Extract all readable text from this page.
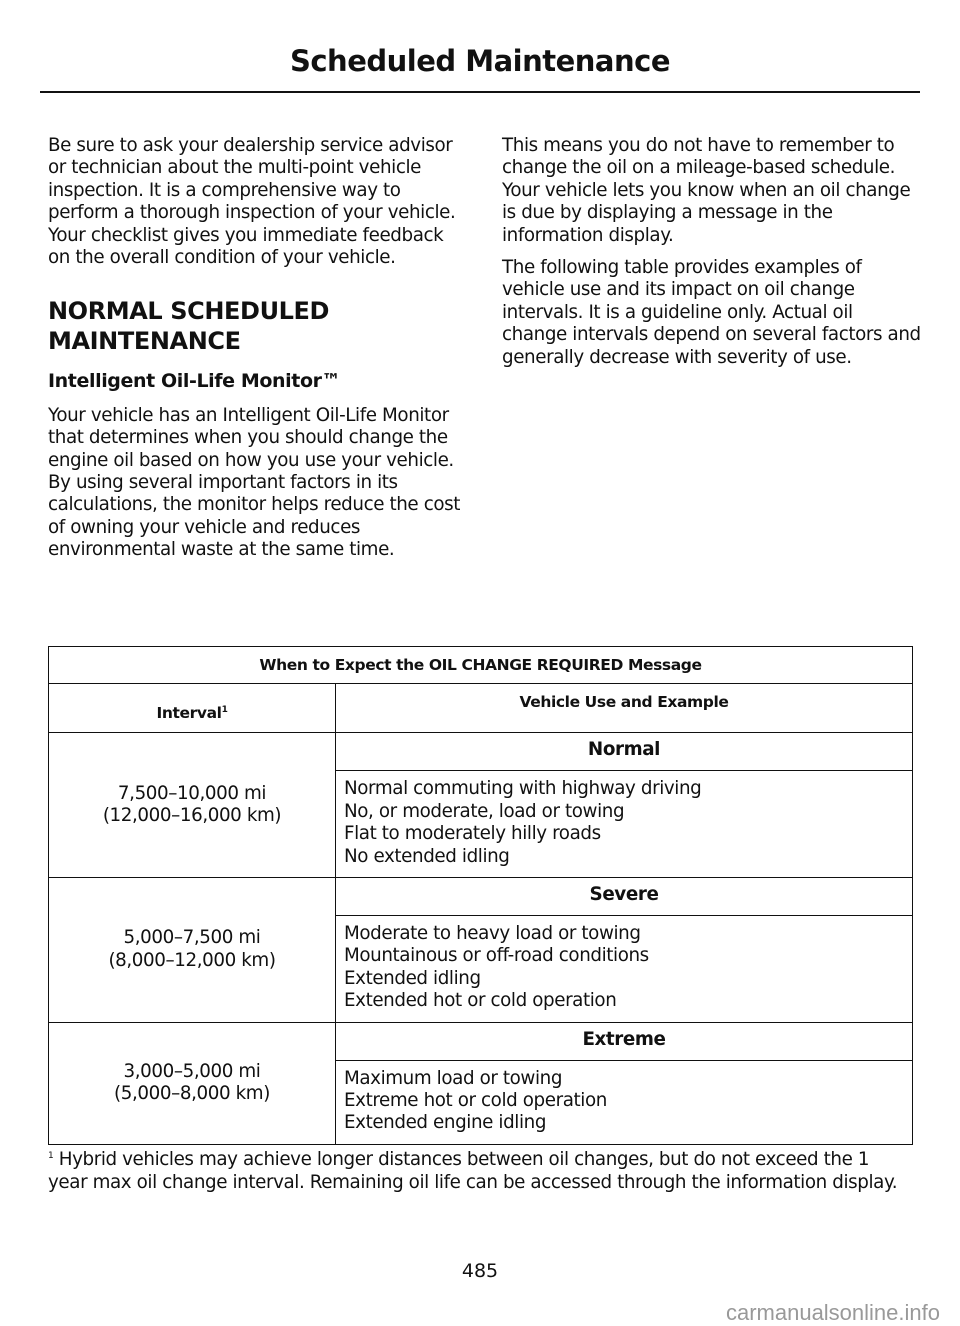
Scheduled Maintenance

Be sure to ask your dealership service advisor or technician about the multi-point vehicle inspection. It is a comprehensive way to perform a thorough inspection of your vehicle. Your checklist gives you immediate feedback on the overall condition of your vehicle.

NORMAL SCHEDULED MAINTENANCE
Intelligent Oil-Life Monitor™

Your vehicle has an Intelligent Oil-Life Monitor that determines when you should change the engine oil based on how you use your vehicle. By using several important factors in its calculations, the monitor helps reduce the cost of owning your vehicle and reduces environmental waste at the same time.

This means you do not have to remember to change the oil on a mileage-based schedule. Your vehicle lets you know when an oil change is due by displaying a message in the information display.

The following table provides examples of vehicle use and its impact on oil change intervals. It is a guideline only. Actual oil change intervals depend on several factors and generally decrease with severity of use.

When to Expect the OIL CHANGE REQUIRED Message	
Interval$^1$	Vehicle Use and Example

7,500–10,000 mi
(12,000–16,000 km)	Normal

	Normal commuting with highway driving
No, or moderate, load or towing
Flat to moderately hilly roads
No extended idling

5,000–7,500 mi
(8,000–12,000 km)	Severe

	Moderate to heavy load or towing
Mountainous or off-road conditions
Extended idling
Extended hot or cold operation

3,000–5,000 mi
(5,000–8,000 km)	Extreme

	Maximum load or towing
Extreme hot or cold operation
Extended engine idling
$^1$ Hybrid vehicles may achieve longer distances between oil changes, but do not exceed the 1 year max oil change interval. Remaining oil life can be accessed through the information display.
485
carmanualsonline.info
